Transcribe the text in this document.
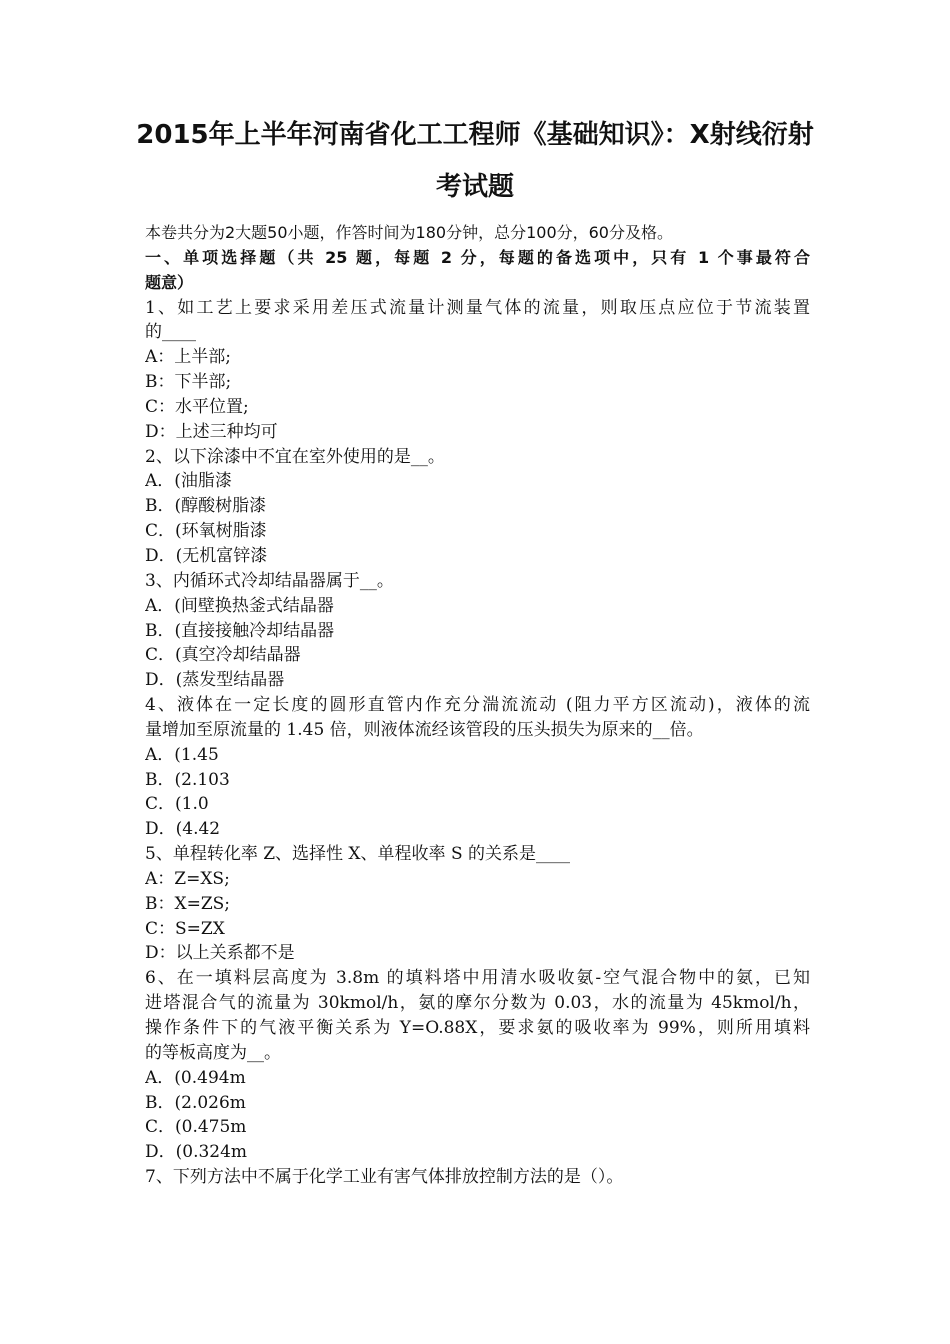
2015年上半年河南省化工工程师《基础知识》：X射线衍射
考试题
本卷共分为2大题50小题，作答时间为180分钟，总分100分，60分及格。
一、单项选择题（共 25 题，每题 2 分，每题的备选项中，只有 1 个事最符合
题意）
1、如工艺上要求采用差压式流量计测量气体的流量，则取压点应位于节流装置
的____
A：上半部;
B：下半部;
C：水平位置;
D：上述三种均可
2、以下涂漆中不宜在室外使用的是__。
A．(油脂漆
B．(醇酸树脂漆
C．(环氧树脂漆
D．(无机富锌漆
3、内循环式冷却结晶器属于__。
A．(间壁换热釜式结晶器
B．(直接接触冷却结晶器
C．(真空冷却结晶器
D．(蒸发型结晶器
4、液体在一定长度的圆形直管内作充分湍流流动 (阻力平方区流动)，液体的流
量增加至原流量的 1.45 倍，则液体流经该管段的压头损失为原来的__倍。
A．(1.45
B．(2.103
C．(1.0
D．(4.42
5、单程转化率 Z、选择性 X、单程收率 S 的关系是____
A：Z=XS;
B：X=ZS;
C：S=ZX
D：以上关系都不是
6、在一填料层高度为 3.8m 的填料塔中用清水吸收氨-空气混合物中的氨，已知
进塔混合气的流量为 30kmol/h，氨的摩尔分数为 0.03，水的流量为 45kmol/h，
操作条件下的气液平衡关系为 Y=O.88X，要求氨的吸收率为 99%，则所用填料
的等板高度为__。
A．(0.494m
B．(2.026m
C．(0.475m
D．(0.324m
7、下列方法中不属于化学工业有害气体排放控制方法的是（）。
